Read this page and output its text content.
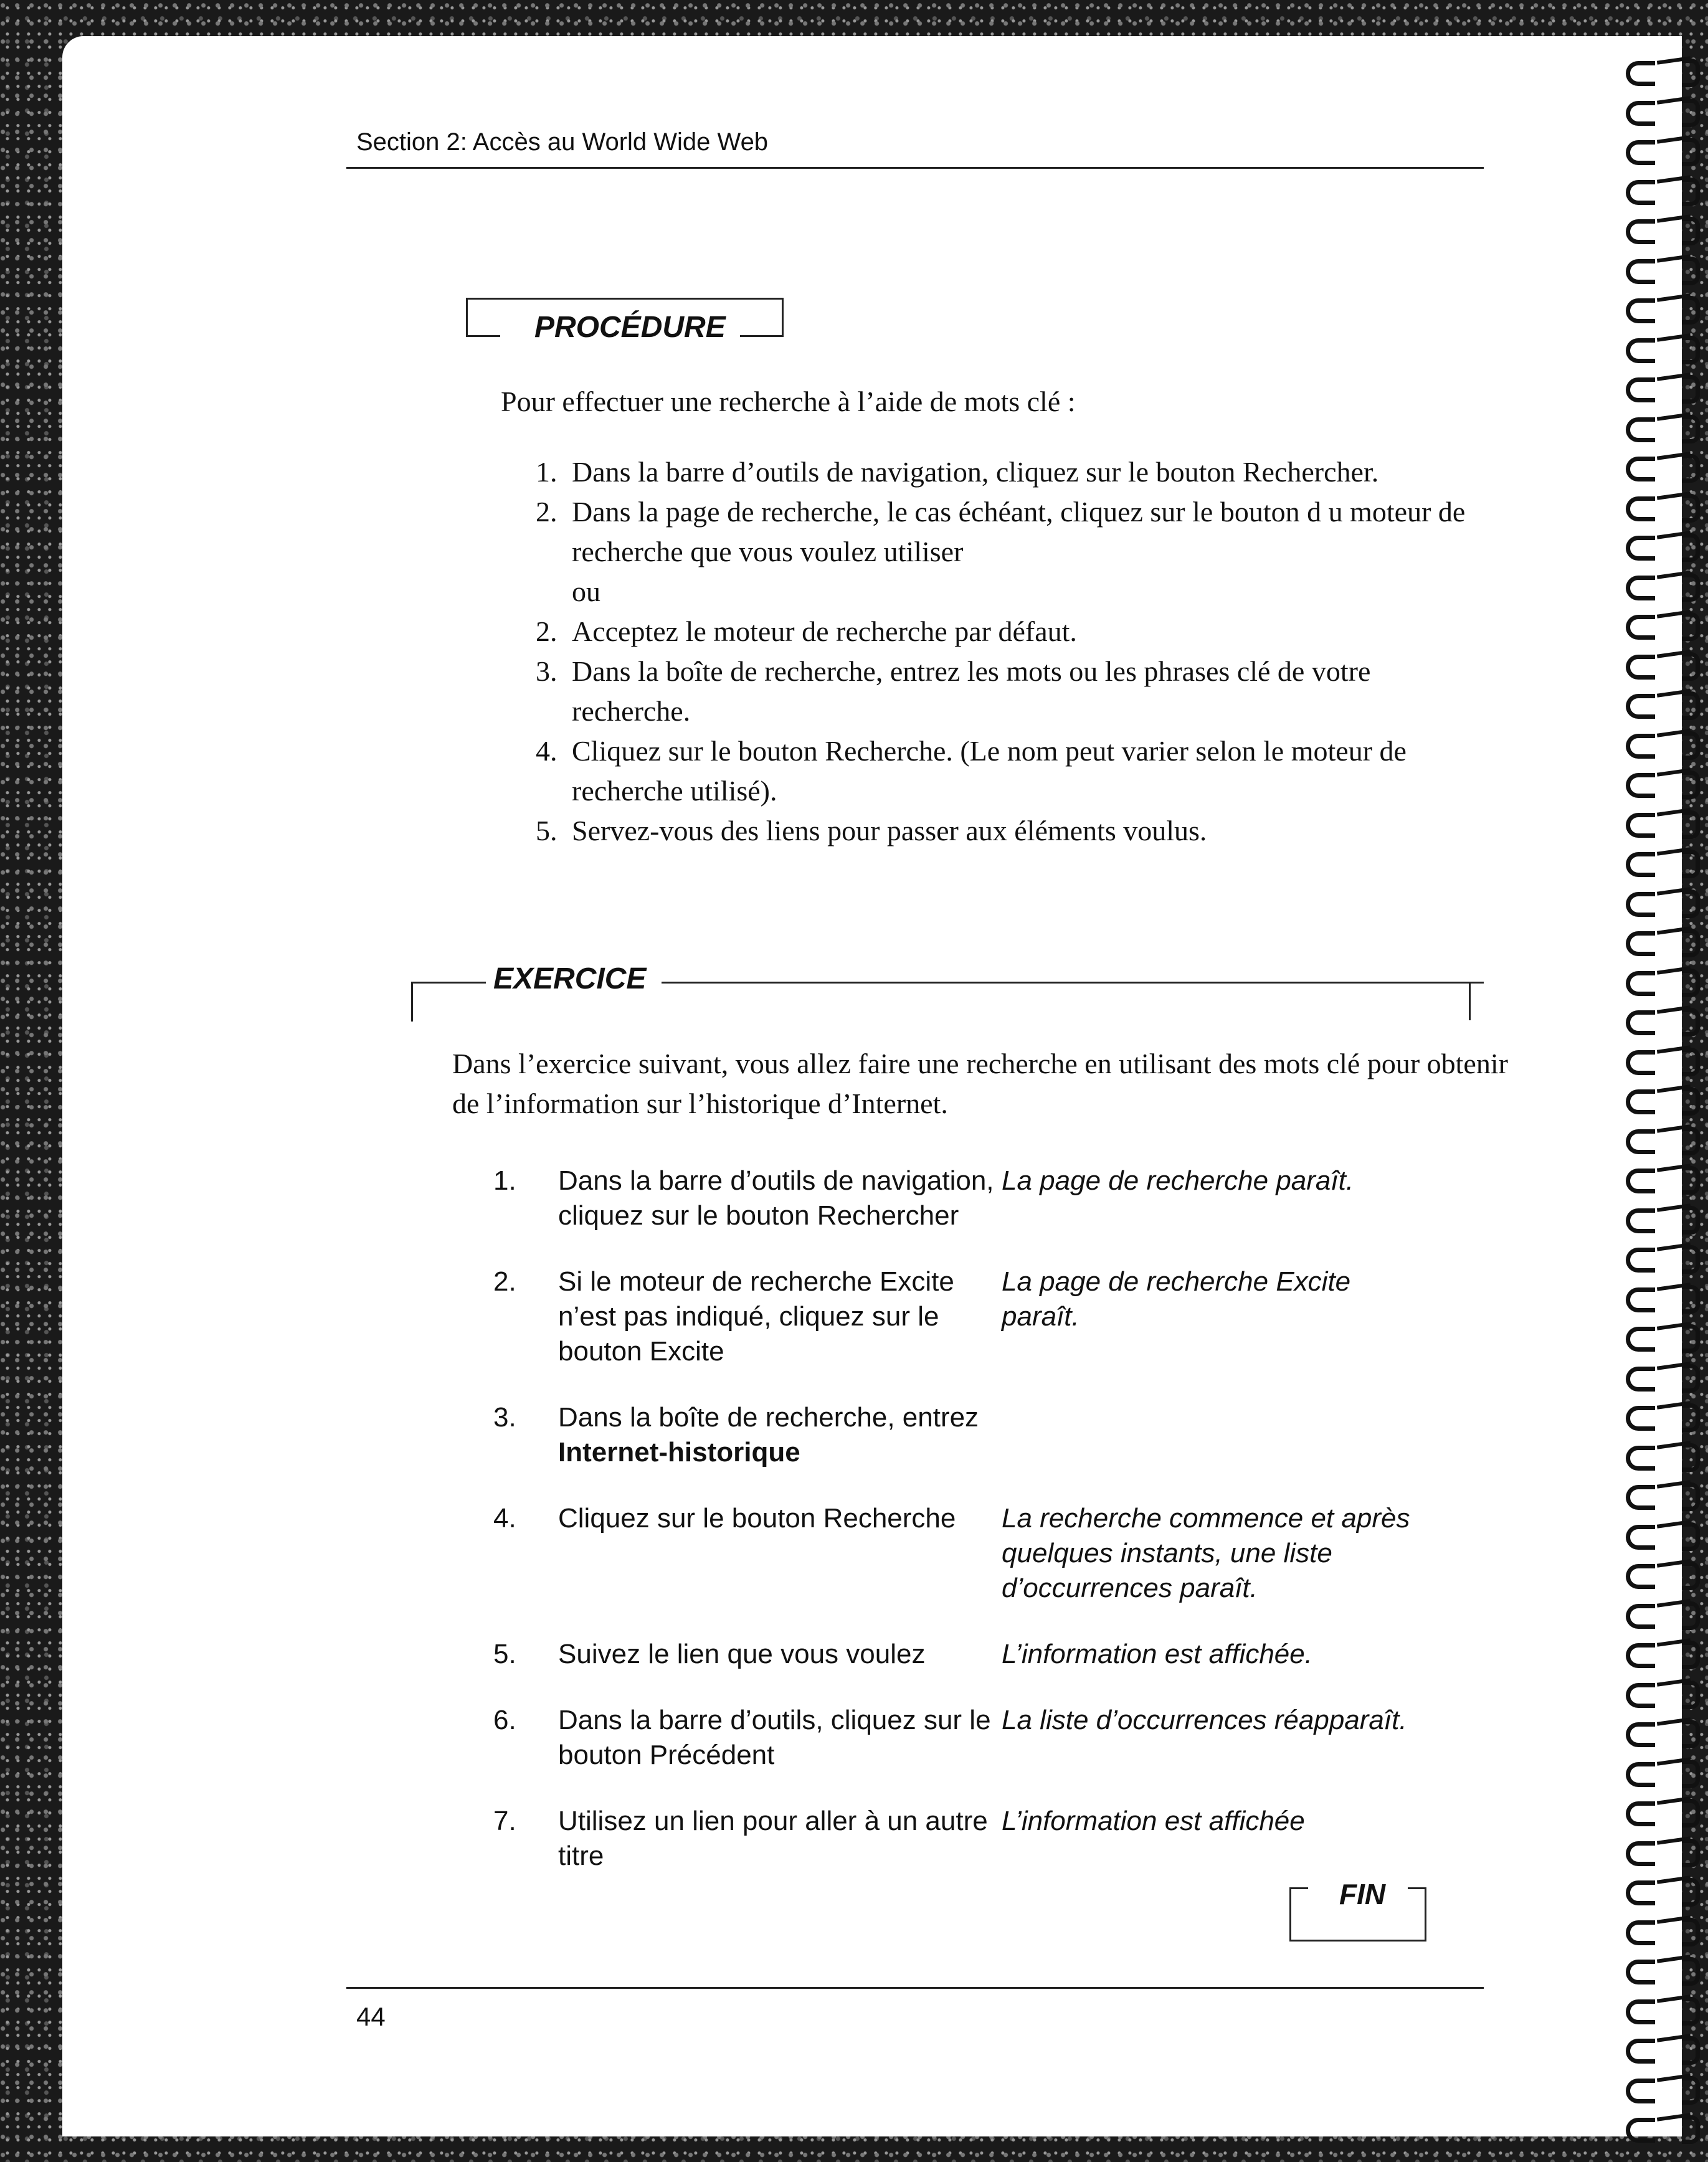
Section 2: Accès au World Wide Web
PROCÉDURE
Pour effectuer une recherche à l’aide de mots clé :
1. Dans la barre d’outils de navigation, cliquez sur le bouton Rechercher.
2. Dans la page de recherche, le cas échéant, cliquez sur le bouton d u moteur de recherche que vous voulez utiliser
ou
2. Acceptez le moteur de recherche par défaut.
3. Dans la boîte de recherche, entrez les mots ou les phrases clé de votre recherche.
4. Cliquez sur le bouton Recherche. (Le nom peut varier selon le moteur de recherche utilisé).
5. Servez-vous des liens pour passer aux éléments voulus.
EXERCICE
Dans l’exercice suivant, vous allez faire une recherche en utilisant des mots clé pour obtenir de l’information sur l’historique d’Internet.
1.	Dans la barre d’outils de navigation, cliquez sur le bouton Rechercher	La page de recherche paraît.

2.	Si le moteur de recherche Excite n’est pas indiqué, cliquez sur le bouton Excite	La page de recherche Excite paraît.

3.	Dans la boîte de recherche, entrez Internet-historique	

4.	Cliquez sur le bouton Recherche	La recherche commence et après quelques instants, une liste d’occurrences paraît.

5.	Suivez le lien que vous voulez	L’information est affichée.

6.	Dans la barre d’outils, cliquez sur le bouton Précédent	La liste d’occurrences réapparaît.

7.	Utilisez un lien pour aller à un autre titre	L’information est affichée
FIN
44
